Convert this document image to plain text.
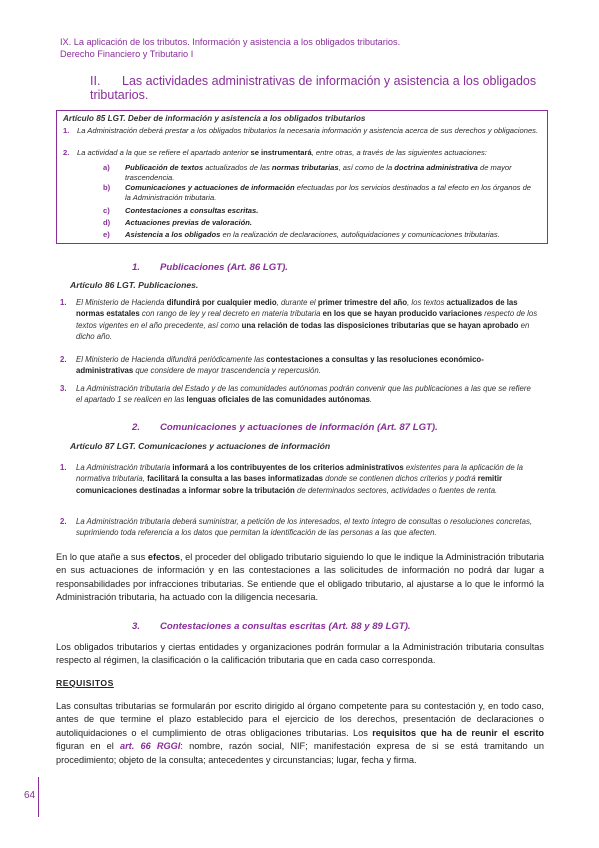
IX. La aplicación de los tributos. Información y asistencia a los obligados tributarios.
Derecho Financiero y Tributario I
II. Las actividades administrativas de información y asistencia a los obligados tributarios.
Artículo 85 LGT. Deber de información y asistencia a los obligados tributarios
1. La Administración deberá prestar a los obligados tributarios la necesaria información y asistencia acerca de sus derechos y obligaciones.
2. La actividad a la que se refiere el apartado anterior se instrumentará, entre otras, a través de las siguientes actuaciones:
a) Publicación de textos actualizados de las normas tributarias, así como de la doctrina administrativa de mayor trascendencia.
b) Comunicaciones y actuaciones de información efectuadas por los servicios destinados a tal efecto en los órganos de la Administración tributaria.
c) Contestaciones a consultas escritas.
d) Actuaciones previas de valoración.
e) Asistencia a los obligados en la realización de declaraciones, autoliquidaciones y comunicaciones tributarias.
1. Publicaciones (Art. 86 LGT).
Artículo 86 LGT. Publicaciones.
1. El Ministerio de Hacienda difundirá por cualquier medio, durante el primer trimestre del año, los textos actualizados de las normas estatales con rango de ley y real decreto en materia tributaria en los que se hayan producido variaciones respecto de los textos vigentes en el año precedente, así como una relación de todas las disposiciones tributarias que se hayan aprobado en dicho año.
2. El Ministerio de Hacienda difundirá periódicamente las contestaciones a consultas y las resoluciones económico-administrativas que considere de mayor trascendencia y repercusión.
3. La Administración tributaria del Estado y de las comunidades autónomas podrán convenir que las publicaciones a las que se refiere el apartado 1 se realicen en las lenguas oficiales de las comunidades autónomas.
2. Comunicaciones y actuaciones de información (Art. 87 LGT).
Artículo 87 LGT. Comunicaciones y actuaciones de información
1. La Administración tributaria informará a los contribuyentes de los criterios administrativos existentes para la aplicación de la normativa tributaria, facilitará la consulta a las bases informatizadas donde se contienen dichos criterios y podrá remitir comunicaciones destinadas a informar sobre la tributación de determinados sectores, actividades o fuentes de renta.
2. La Administración tributaria deberá suministrar, a petición de los interesados, el texto íntegro de consultas o resoluciones concretas, suprimiendo toda referencia a los datos que permitan la identificación de las personas a las que afecten.
En lo que atañe a sus efectos, el proceder del obligado tributario siguiendo lo que le indique la Administración tributaria en sus actuaciones de información y en las contestaciones a las solicitudes de información no podrá dar lugar a responsabilidades por infracciones tributarias. Se entiende que el obligado tributario, al ajustarse a lo que le informó la Administración tributaria, ha actuado con la diligencia necesaria.
3. Contestaciones a consultas escritas (Art. 88 y 89 LGT).
Los obligados tributarios y ciertas entidades y organizaciones podrán formular a la Administración tributaria consultas respecto al régimen, la clasificación o la calificación tributaria que en cada caso corresponda.
REQUISITOS
Las consultas tributarias se formularán por escrito dirigido al órgano competente para su contestación y, en todo caso, antes de que termine el plazo establecido para el ejercicio de los derechos, presentación de declaraciones o autoliquidaciones o el cumplimiento de otras obligaciones tributarias. Los requisitos que ha de reunir el escrito figuran en el art. 66 RGGI: nombre, razón social, NIF; manifestación expresa de si se está tramitando un procedimiento; objeto de la consulta; antecedentes y circunstancias; lugar, fecha y firma.
64
